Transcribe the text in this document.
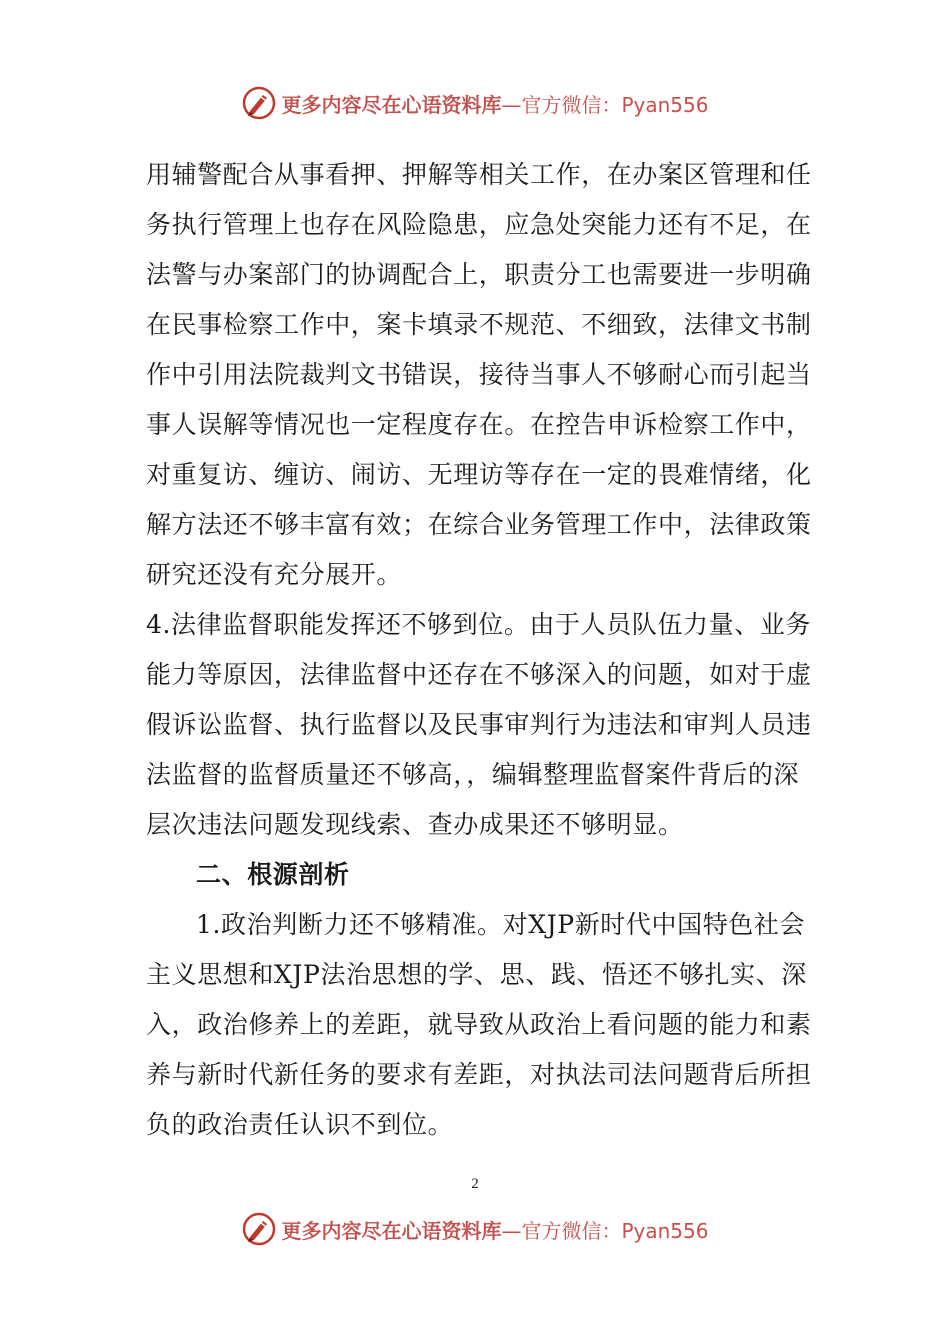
更多内容尽在心语资料库—官方微信：Pyan556
用辅警配合从事看押、押解等相关工作，在办案区管理和任
务执行管理上也存在风险隐患，应急处突能力还有不足，在
法警与办案部门的协调配合上，职责分工也需要进一步明确
在民事检察工作中，案卡填录不规范、不细致，法律文书制
作中引用法院裁判文书错误，接待当事人不够耐心而引起当
事人误解等情况也一定程度存在。在控告申诉检察工作中，
对重复访、缠访、闹访、无理访等存在一定的畏难情绪，化
解方法还不够丰富有效；在综合业务管理工作中，法律政策
研究还没有充分展开。
4.法律监督职能发挥还不够到位。由于人员队伍力量、业务
能力等原因，法律监督中还存在不够深入的问题，如对于虚
假诉讼监督、执行监督以及民事审判行为违法和审判人员违
法监督的监督质量还不够高，，编辑整理监督案件背后的深
层次违法问题发现线索、查办成果还不够明显。
二、根源剖析
1.政治判断力还不够精准。对XJP新时代中国特色社会
主义思想和XJP法治思想的学、思、践、悟还不够扎实、深
入，政治修养上的差距，就导致从政治上看问题的能力和素
养与新时代新任务的要求有差距，对执法司法问题背后所担
负的政治责任认识不到位。
2
更多内容尽在心语资料库—官方微信：Pyan556
